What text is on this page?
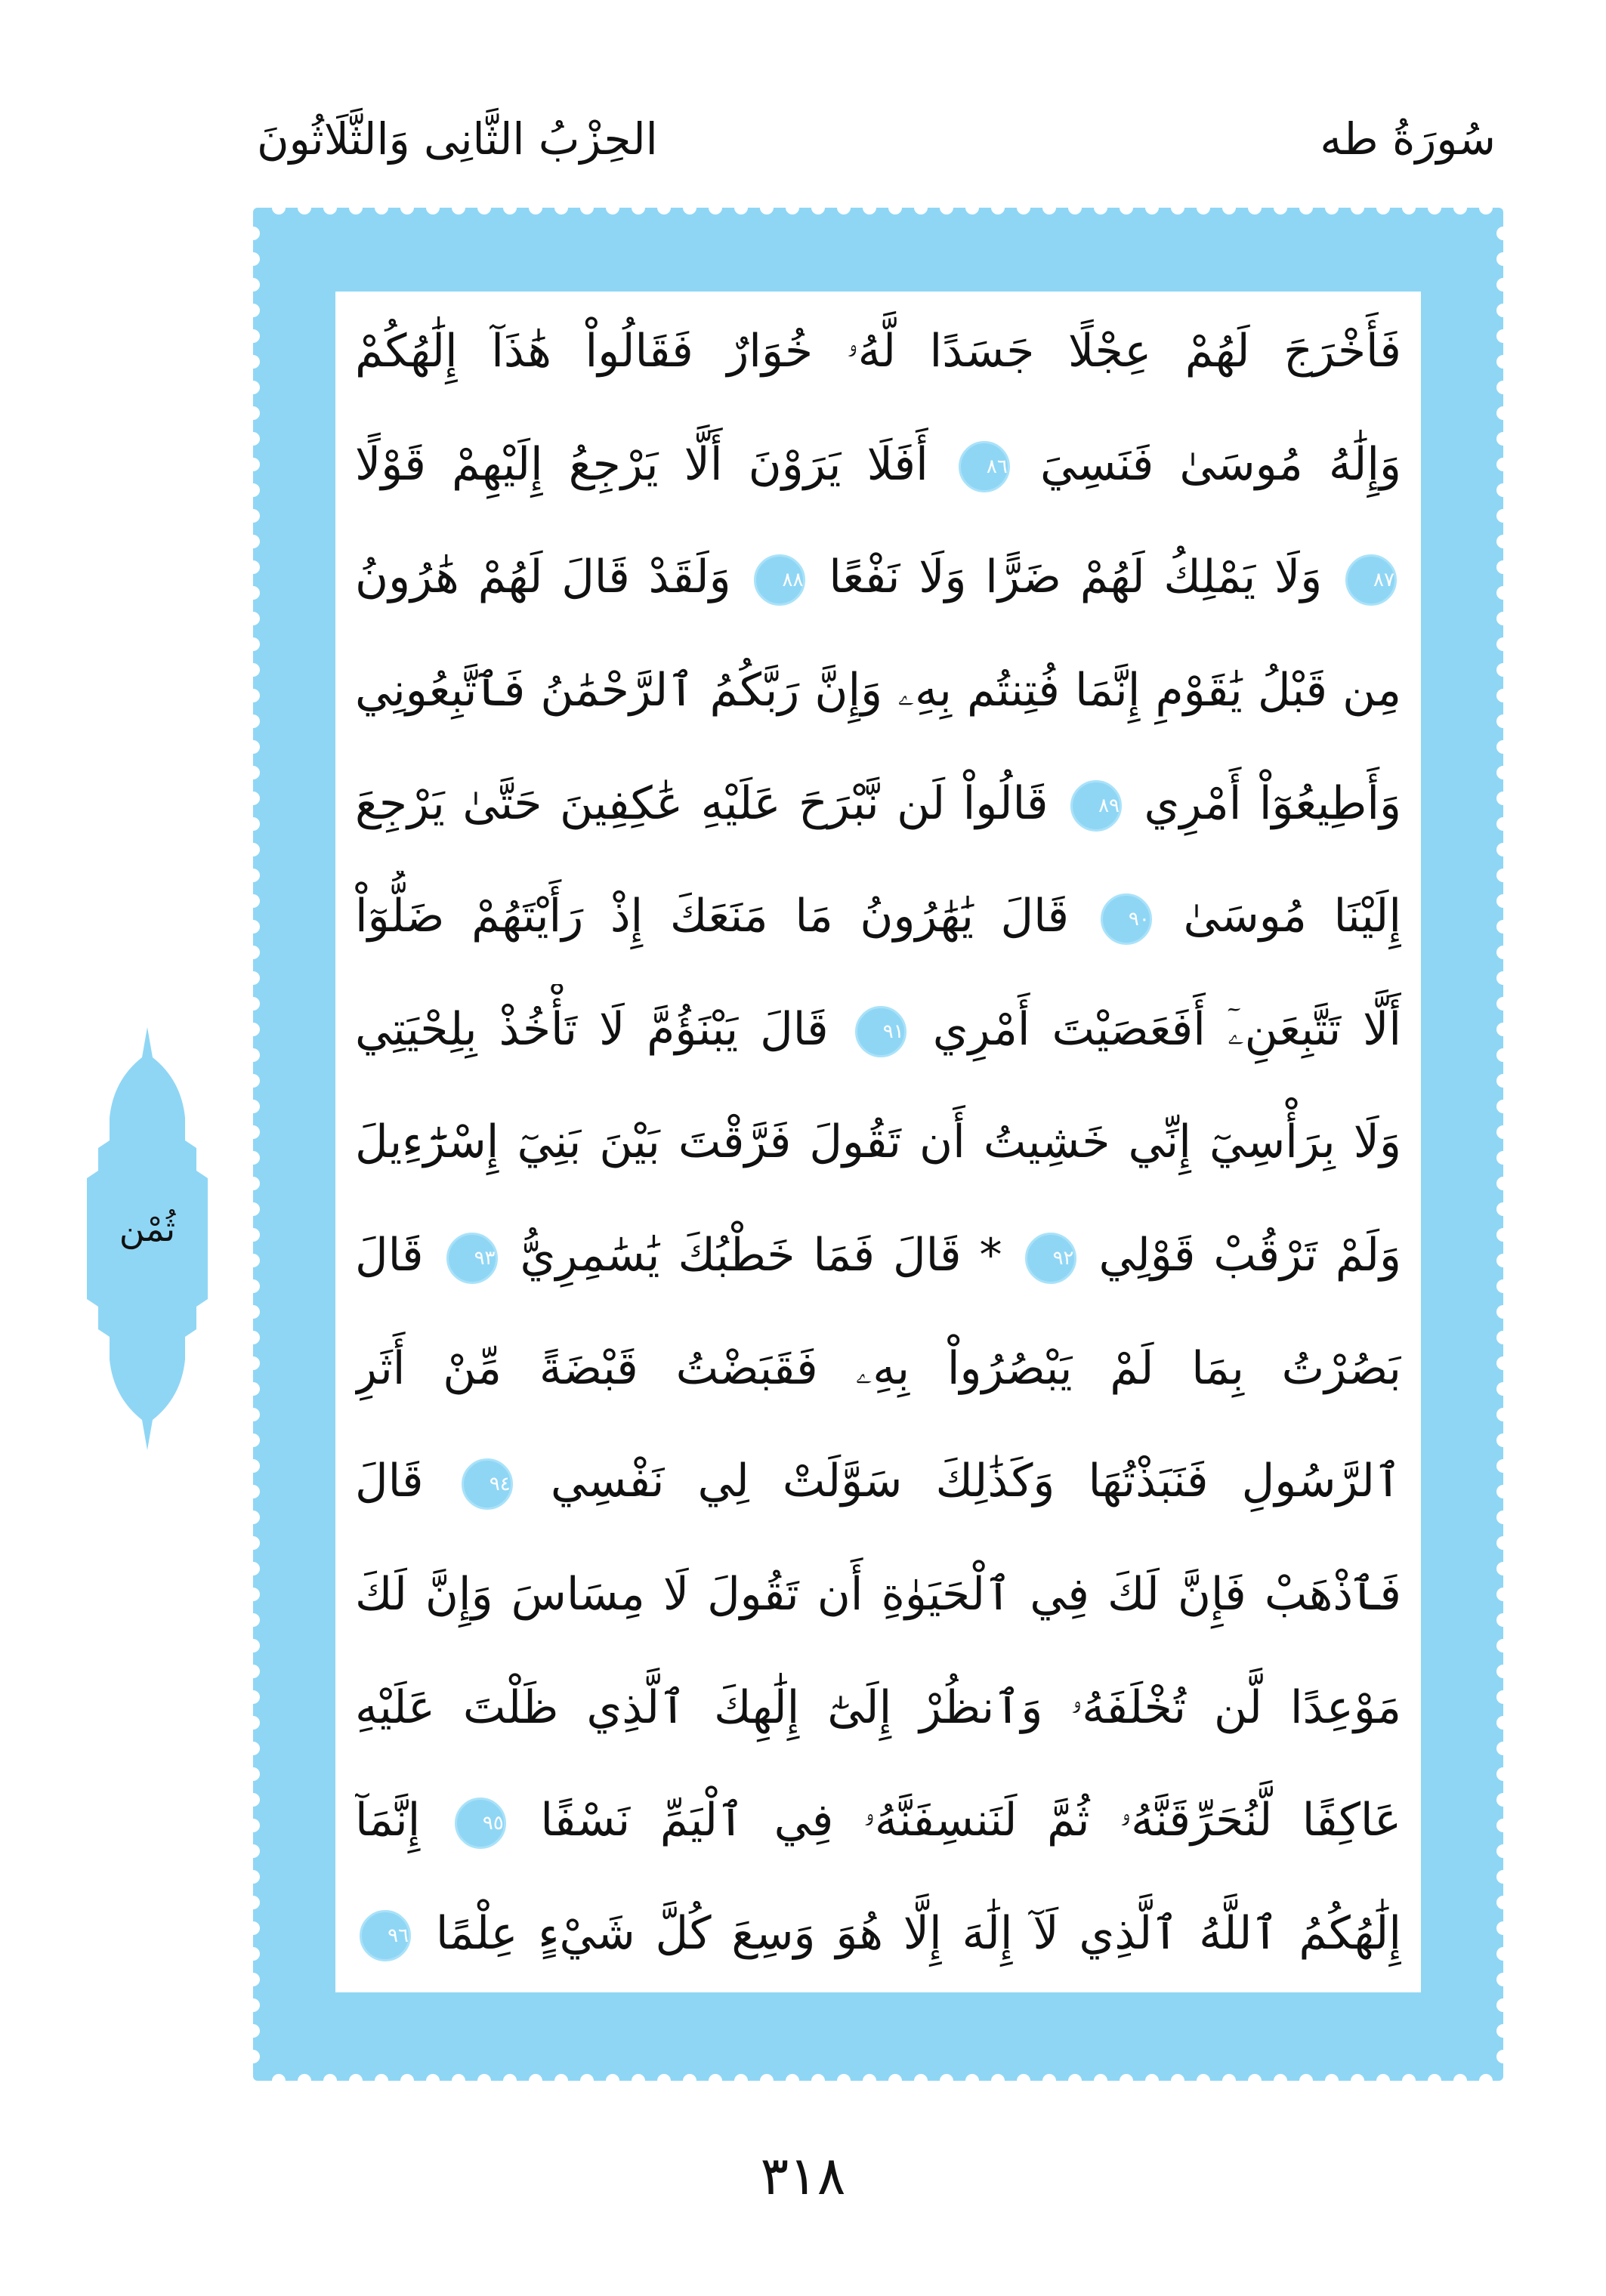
الحِزْبُ الثَّانِى وَالثَّلَاثُونَ	سُورَةُ طه
فَأَخْرَجَ لَهُمْ عِجْلًا جَسَدًا لَّهُۥ خُوَارٌ فَقَالُواْ هَٰذَآ إِلَٰهُكُمْ
وَإِلَٰهُ مُوسَىٰ فَنَسِيَ ٨٦ أَفَلَا يَرَوْنَ أَلَّا يَرْجِعُ إِلَيْهِمْ قَوْلًا
٨٧ وَلَا يَمْلِكُ لَهُمْ ضَرًّا وَلَا نَفْعًا ٨٨ وَلَقَدْ قَالَ لَهُمْ هَٰرُونُ
مِن قَبْلُ يَٰقَوْمِ إِنَّمَا فُتِنتُم بِهِۦ وَإِنَّ رَبَّكُمُ ٱلرَّحْمَٰنُ فَٱتَّبِعُونِي
وَأَطِيعُوٓاْ أَمْرِي ٨٩ قَالُواْ لَن نَّبْرَحَ عَلَيْهِ عَٰكِفِينَ حَتَّىٰ يَرْجِعَ
إِلَيْنَا مُوسَىٰ ٩٠ قَالَ يَٰهَٰرُونُ مَا مَنَعَكَ إِذْ رَأَيْتَهُمْ ضَلُّوٓاْ
أَلَّا تَتَّبِعَنِۦٓ أَفَعَصَيْتَ أَمْرِي ٩١ قَالَ يَبْنَؤُمَّ لَا تَأْخُذْ بِلِحْيَتِي
وَلَا بِرَأْسِيٓ إِنِّي خَشِيتُ أَن تَقُولَ فَرَّقْتَ بَيْنَ بَنِيٓ إِسْرَٰٓءِيلَ
وَلَمْ تَرْقُبْ قَوْلِي ٩٢ * قَالَ فَمَا خَطْبُكَ يَٰسَٰمِرِيُّ ٩٣ قَالَ
بَصُرْتُ بِمَا لَمْ يَبْصُرُواْ بِهِۦ فَقَبَضْتُ قَبْضَةً مِّنْ أَثَرِ
ٱلرَّسُولِ فَنَبَذْتُهَا وَكَذَٰلِكَ سَوَّلَتْ لِي نَفْسِي ٩٤ قَالَ
فَٱذْهَبْ فَإِنَّ لَكَ فِي ٱلْحَيَوٰةِ أَن تَقُولَ لَا مِسَاسَ وَإِنَّ لَكَ
مَوْعِدًا لَّن تُخْلَفَهُۥ وَٱنظُرْ إِلَىٰٓ إِلَٰهِكَ ٱلَّذِي ظَلْتَ عَلَيْهِ
عَاكِفًا لَّنُحَرِّقَنَّهُۥ ثُمَّ لَنَنسِفَنَّهُۥ فِي ٱلْيَمِّ نَسْفًا ٩٥ إِنَّمَآ
إِلَٰهُكُمُ ٱللَّهُ ٱلَّذِي لَآ إِلَٰهَ إِلَّا هُوَ وَسِعَ كُلَّ شَيْءٍ عِلْمًا ٩٦
ثُمْن
٣١٨
